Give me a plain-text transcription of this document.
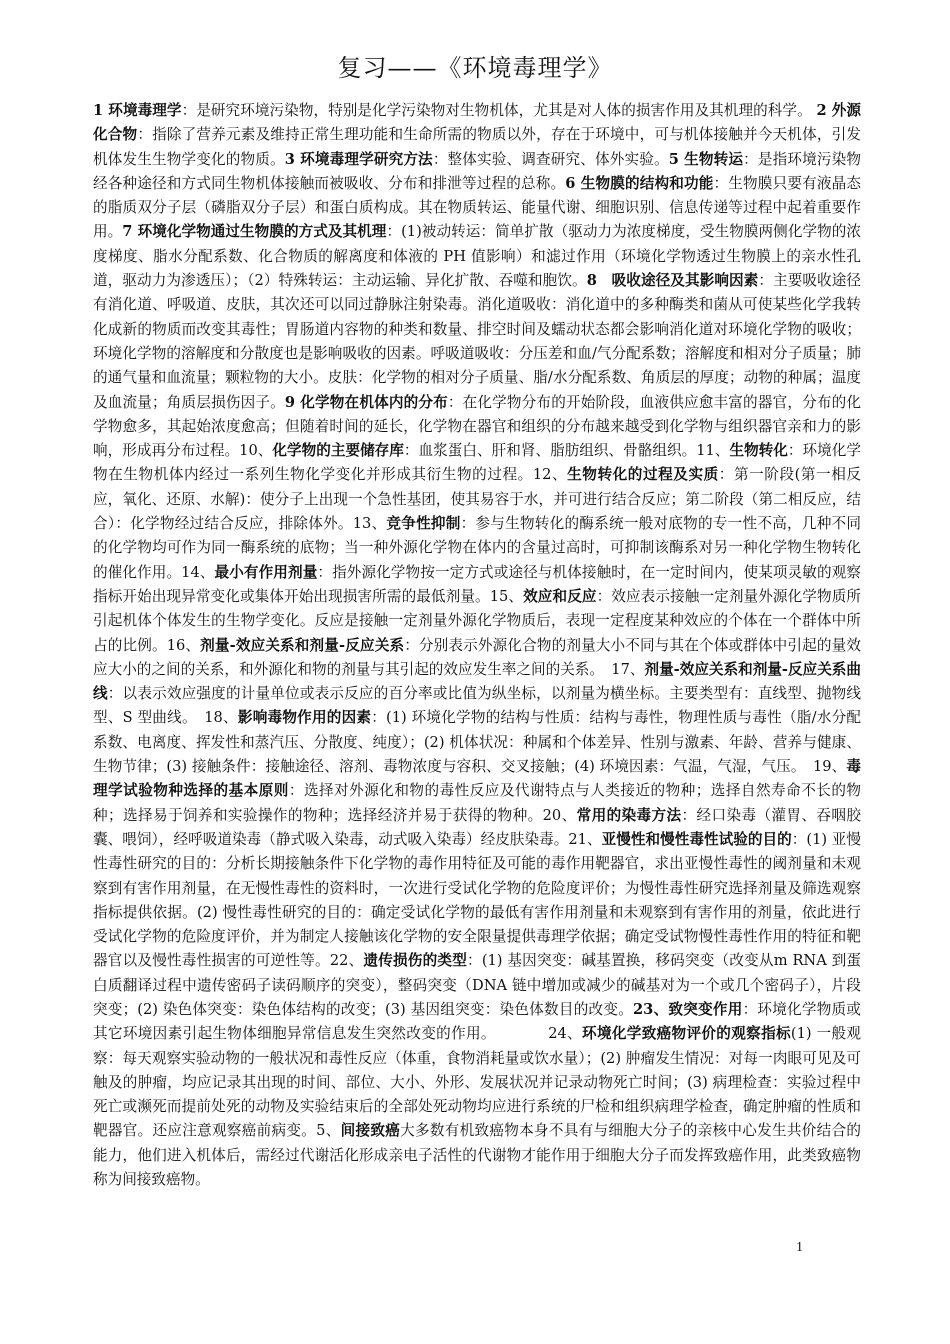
复习——《环境毒理学》

1 环境毒理学：是研究环境污染物，特别是化学污染物对生物机体，尤其是对人体的损害作用及其机理的科学。 2 外源化合物：指除了营养元素及维持正常生理功能和生命所需的物质以外，存在于环境中，可与机体接触并今天机体，引发机体发生生物学变化的物质。3 环境毒理学研究方法：整体实验、调查研究、体外实验。5 生物转运：是指环境污染物经各种途径和方式同生物机体接触而被吸收、分布和排泄等过程的总称。6 生物膜的结构和功能：生物膜只要有液晶态的脂质双分子层（磷脂双分子层）和蛋白质构成。其在物质转运、能量代谢、细胞识别、信息传递等过程中起着重要作用。7 环境化学物通过生物膜的方式及其机理：(1)被动转运：简单扩散（驱动力为浓度梯度，受生物膜两侧化学物的浓度梯度、脂水分配系数、化合物质的解离度和体液的 PH 值影响）和滤过作用（环境化学物透过生物膜上的亲水性孔道，驱动力为渗透压）；（2）特殊转运：主动运输、异化扩散、吞噬和胞饮。8　吸收途径及其影响因素：主要吸收途径有消化道、呼吸道、皮肤，其次还可以同过静脉注射染毒。消化道吸收：消化道中的多种酶类和菌从可使某些化学我转化成新的物质而改变其毒性；胃肠道内容物的种类和数量、排空时间及蠕动状态都会影响消化道对环境化学物的吸收；环境化学物的溶解度和分散度也是影响吸收的因素。呼吸道吸收：分压差和血/气分配系数；溶解度和相对分子质量；肺的通气量和血流量；颗粒物的大小。皮肤：化学物的相对分子质量、脂/水分配系数、角质层的厚度；动物的种属；温度及血流量；角质层损伤因子。9 化学物在机体内的分布：在化学物分布的开始阶段，血液供应愈丰富的器官，分布的化学物愈多，其起始浓度愈高；但随着时间的延长，化学物在器官和组织的分布越来越受到化学物与组织器官亲和力的影响，形成再分布过程。10、化学物的主要储存库：血浆蛋白、肝和肾、脂肪组织、骨骼组织。11、生物转化：环境化学物在生物机体内经过一系列生物化学变化并形成其衍生物的过程。12、生物转化的过程及实质：第一阶段(第一相反应，氧化、还原、水解)：使分子上出现一个急性基团，使其易容于水，并可进行结合反应；第二阶段（第二相反应，结合）：化学物经过结合反应，排除体外。13、竞争性抑制：参与生物转化的酶系统一般对底物的专一性不高，几种不同的化学物均可作为同一酶系统的底物；当一种外源化学物在体内的含量过高时，可抑制该酶系对另一种化学物生物转化的催化作用。14、最小有作用剂量：指外源化学物按一定方式或途径与机体接触时，在一定时间内，使某项灵敏的观察指标开始出现异常变化或集体开始出现损害所需的最低剂量。15、效应和反应：效应表示接触一定剂量外源化学物质所引起机体个体发生的生物学变化。反应是接触一定剂量外源化学物质后，表现一定程度某种效应的个体在一个群体中所占的比例。16、剂量-效应关系和剂量-反应关系：分别表示外源化合物的剂量大小不同与其在个体或群体中引起的量效应大小的之间的关系，和外源化和物的剂量与其引起的效应发生率之间的关系。　17、剂量-效应关系和剂量-反应关系曲线：以表示效应强度的计量单位或表示反应的百分率或比值为纵坐标，以剂量为横坐标。主要类型有：直线型、抛物线型、S 型曲线。　18、影响毒物作用的因素：(1) 环境化学物的结构与性质：结构与毒性，物理性质与毒性（脂/水分配系数、电离度、挥发性和蒸汽压、分散度、纯度）；(2) 机体状况：种属和个体差异、性别与激素、年龄、营养与健康、生物节律；(3) 接触条件：接触途径、溶剂、毒物浓度与容积、交叉接触；(4) 环境因素：气温，气湿，气压。　19、毒理学试验物种选择的基本原则：选择对外源化和物的毒性反应及代谢特点与人类接近的物种；选择自然寿命不长的物种；选择易于饲养和实验操作的物种；选择经济并易于获得的物种。20、常用的染毒方法：经口染毒（灌胃、吞咽胶囊、喂饲），经呼吸道染毒（静式吸入染毒，动式吸入染毒）经皮肤染毒。21、亚慢性和慢性毒性试验的目的：(1) 亚慢性毒性研究的目的：分析长期接触条件下化学物的毒作用特征及可能的毒作用靶器官，求出亚慢性毒性的阈剂量和未观察到有害作用剂量，在无慢性毒性的资料时，一次进行受试化学物的危险度评价；为慢性毒性研究选择剂量及筛选观察指标提供依据。(2) 慢性毒性研究的目的：确定受试化学物的最低有害作用剂量和未观察到有害作用的剂量，依此进行受试化学物的危险度评价，并为制定人接触该化学物的安全限量提供毒理学依据；确定受试物慢性毒性作用的特征和靶器官以及慢性毒性损害的可逆性等。22、遗传损伤的类型：(1) 基因突变：碱基置换，移码突变（改变从m RNA 到蛋白质翻译过程中遗传密码子读码顺序的突变），整码突变（DNA 链中增加或减少的碱基对为一个或几个密码子），片段突变；(2) 染色体突变：染色体结构的改变；(3) 基因组突变：染色体数目的改变。23、致突变作用：环境化学物质或其它环境因素引起生物体细胞异常信息发生突然改变的作用。　　　　24、环境化学致癌物评价的观察指标(1) 一般观察：每天观察实验动物的一般状况和毒性反应（体重，食物消耗量或饮水量）；(2) 肿瘤发生情况：对每一肉眼可见及可触及的肿瘤，均应记录其出现的时间、部位、大小、外形、发展状况并记录动物死亡时间；(3) 病理检查：实验过程中死亡或濒死而提前处死的动物及实验结束后的全部处死动物均应进行系统的尸检和组织病理学检查，确定肿瘤的性质和靶器官。还应注意观察癌前病变。5、间接致癌大多数有机致癌物本身不具有与细胞大分子的亲核中心发生共价结合的能力，他们进入机体后，需经过代谢活化形成亲电子活性的代谢物才能作用于细胞大分子而发挥致癌作用，此类致癌物称为间接致癌物。

1
